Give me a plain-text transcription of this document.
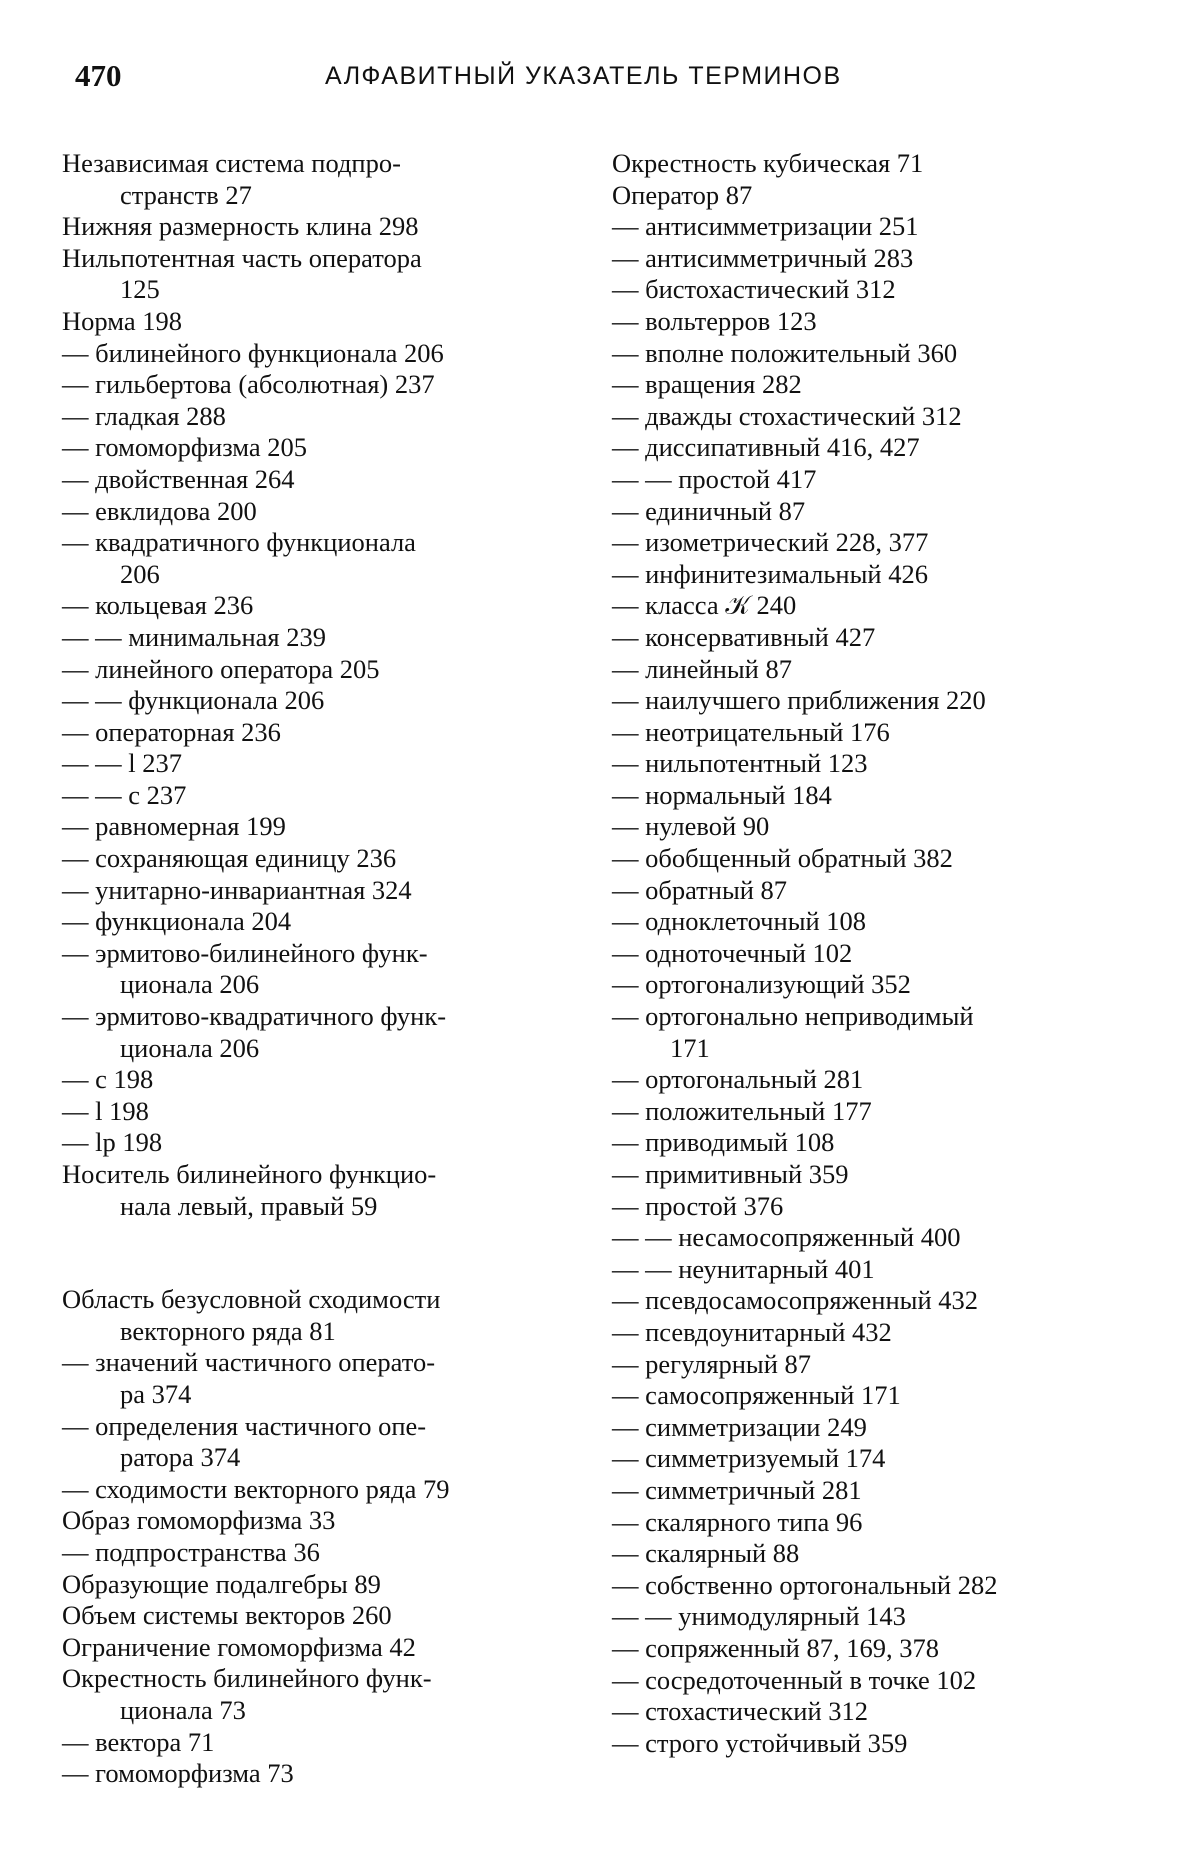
470	АЛФАВИТНЫЙ УКАЗАТЕЛЬ ТЕРМИНОВ
Независимая система подпро-
странств 27
Нижняя размерность клина 298
Нильпотентная часть оператора
125
Норма 198
— билинейного функционала 206
— гильбертова (абсолютная) 237
— гладкая 288
— гомоморфизма 205
— двойственная 264
— евклидова 200
— квадратичного функционала
206
— кольцевая 236
— — минимальная 239
— линейного оператора 205
— — функционала 206
— операторная 236
— — l 237
— — c 237
— равномерная 199
— сохраняющая единицу 236
— унитарно-инвариантная 324
— функционала 204
— эрмитово-билинейного функ-
ционала 206
— эрмитово-квадратичного функ-
ционала 206
— c 198
— l 198
— lp 198
Носитель билинейного функцио-
нала левый, правый 59
Область безусловной сходимости
векторного ряда 81
— значений частичного операто-
ра 374
— определения частичного опе-
ратора 374
— сходимости векторного ряда 79
Образ гомоморфизма 33
— подпространства 36
Образующие подалгебры 89
Объем системы векторов 260
Ограничение гомоморфизма 42
Окрестность билинейного функ-
ционала 73
— вектора 71
— гомоморфизма 73
Окрестность кубическая 71
Оператор 87
— антисимметризации 251
— антисимметричный 283
— бистохастический 312
— вольтерров 123
— вполне положительный 360
— вращения 282
— дважды стохастический 312
— диссипативный 416, 427
— — простой 417
— единичный 87
— изометрический 228, 377
— инфинитезимальный 426
— класса 𝒦 240
— консервативный 427
— линейный 87
— наилучшего приближения 220
— неотрицательный 176
— нильпотентный 123
— нормальный 184
— нулевой 90
— обобщенный обратный 382
— обратный 87
— одноклеточный 108
— одноточечный 102
— ортогонализующий 352
— ортогонально неприводимый
171
— ортогональный 281
— положительный 177
— приводимый 108
— примитивный 359
— простой 376
— — несамосопряженный 400
— — неунитарный 401
— псевдосамосопряженный 432
— псевдоунитарный 432
— регулярный 87
— самосопряженный 171
— симметризации 249
— симметризуемый 174
— симметричный 281
— скалярного типа 96
— скалярный 88
— собственно ортогональный 282
— — унимодулярный 143
— сопряженный 87, 169, 378
— сосредоточенный в точке 102
— стохастический 312
— строго устойчивый 359
